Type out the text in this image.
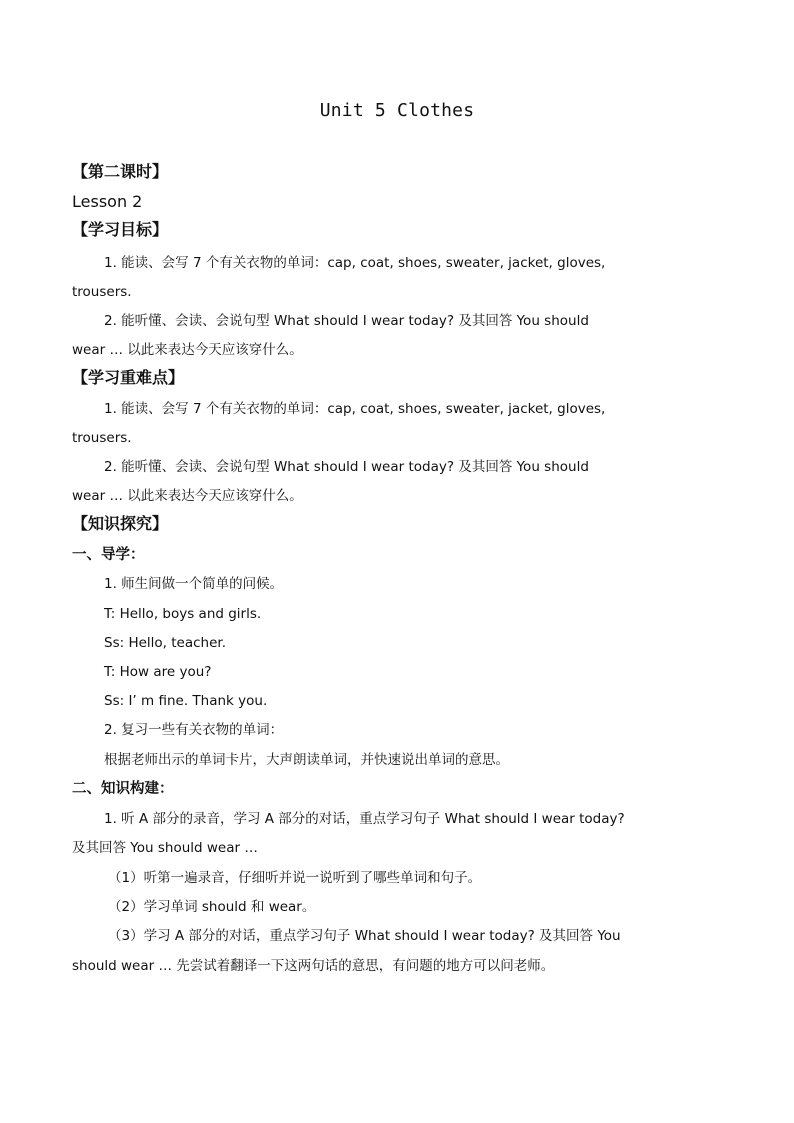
Unit 5 Clothes
【第二课时】
Lesson 2
【学习目标】
1. 能读、会写 7 个有关衣物的单词：cap, coat, shoes, sweater, jacket, gloves,
trousers.
2. 能听懂、会读、会说句型 What should I wear today? 及其回答 You should
wear … 以此来表达今天应该穿什么。
【学习重难点】
1. 能读、会写 7 个有关衣物的单词：cap, coat, shoes, sweater, jacket, gloves,
trousers.
2. 能听懂、会读、会说句型 What should I wear today? 及其回答 You should
wear … 以此来表达今天应该穿什么。
【知识探究】
一、导学：
1. 师生间做一个简单的问候。
T: Hello, boys and girls.
Ss: Hello, teacher.
T: How are you?
Ss: I’ m fine. Thank you.
2. 复习一些有关衣物的单词：
根据老师出示的单词卡片，大声朗读单词，并快速说出单词的意思。
二、知识构建：
1. 听 A 部分的录音，学习 A 部分的对话，重点学习句子 What should I wear today?
及其回答 You should wear …
（1）听第一遍录音，仔细听并说一说听到了哪些单词和句子。
（2）学习单词 should 和 wear。
（3）学习 A 部分的对话，重点学习句子 What should I wear today? 及其回答 You
should wear … 先尝试着翻译一下这两句话的意思，有问题的地方可以问老师。
